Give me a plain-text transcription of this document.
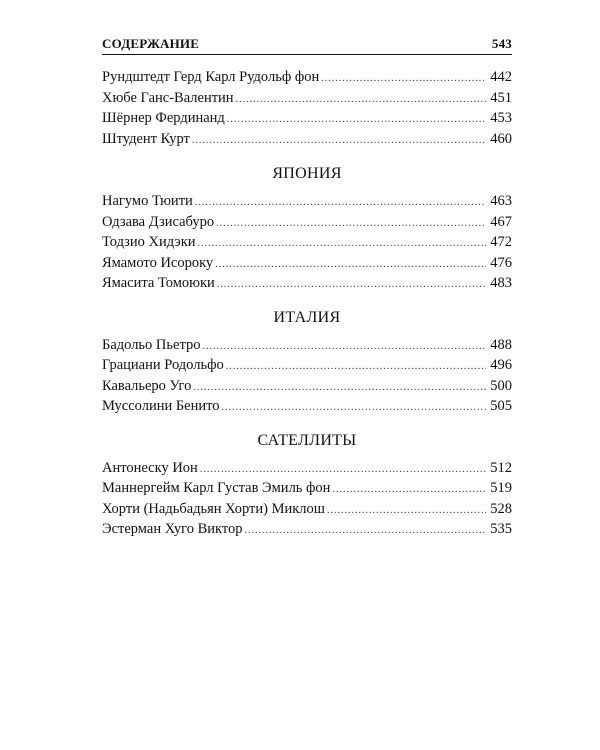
СОДЕРЖАНИЕ	543
Рундштедт Герд Карл Рудольф фон .....	442
Хюбе Ганс-Валентин .....	451
Шёрнер Фердинанд .....	453
Штудент Курт .....	460
ЯПОНИЯ
Нагумо Тюити .....	463
Одзава Дзисабуро .....	467
Тодзио Хидэки .....	472
Ямамото Исороку .....	476
Ямасита Томоюки .....	483
ИТАЛИЯ
Бадольо Пьетро .....	488
Грациани Родольфо .....	496
Кавальеро Уго .....	500
Муссолини Бенито .....	505
САТЕЛЛИТЫ
Антонеску Ион .....	512
Маннергейм Карл Густав Эмиль фон .....	519
Хорти (Надьбадьян Хорти) Миклош .....	528
Эстерман Хуго Виктор .....	535
